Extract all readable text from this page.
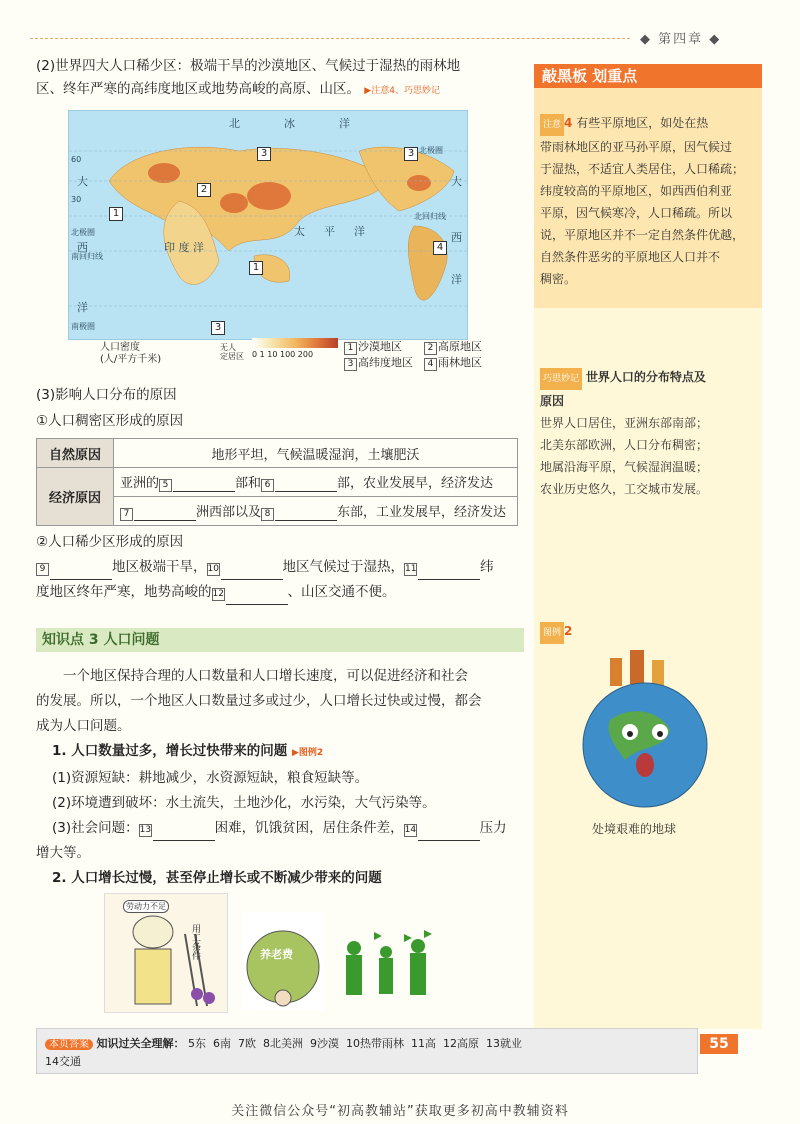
◆ 第四章 ◆
(2)世界四大人口稀少区：极端干旱的沙漠地区、气候过于湿热的雨林地
区、终年严寒的高纬度地区或地势高峻的高原、山区。 ▶注意4、巧思妙记
北	冰	洋
大
西
洋
印 度 洋
太 平 洋
大
西
洋
60
30
北极圈
南回归线
南极圈
北极圈
北回归线
1
2
3	3
1
4
3
人口密度
(人/平方千米)
无人
定居区 0 1 10 100 200
1 沙漠地区	2 高原地区
3 高纬度地区	4 雨林地区
(3)影响人口分布的原因
①人口稠密区形成的原因
自然原因	地形平坦，气候温暖湿润，土壤肥沃
经济原因	亚洲的 5 部和 6 部，农业发展早，经济发达
	7 洲西部以及 8 东部，工业发展早，经济发达
②人口稀少区形成的原因
9	地区极端干旱，10	地区气候过于湿热，11	纬
度地区终年严寒，地势高峻的12	、山区交通不便。
知识点 3 人口问题
一个地区保持合理的人口数量和人口增长速度，可以促进经济和社会
的发展。所以，一个地区人口数量过多或过少，人口增长过快或过慢，都会
成为人口问题。
1. 人口数量过多，增长过快带来的问题 ▶图例2
(1)资源短缺：耕地减少，水资源短缺，粮食短缺等。
(2)环境遭到破坏：水土流失，土地沙化，水污染，大气污染等。
(3)社会问题：13	困难，饥饿贫困，居住条件差，14	压力
增大等。
2. 人口增长过慢，甚至停止增长或不断减少带来的问题
劳动力不足
用工条件	养老费
敲黑板 划重点
注意 4 有些平原地区，如处在热
带雨林地区的亚马孙平原，因气候过
于湿热，不适宜人类居住，人口稀疏；
纬度较高的平原地区，如西西伯利亚
平原，因气候寒冷，人口稀疏。所以
说，平原地区并不一定自然条件优越，
自然条件恶劣的平原地区人口并不
稠密。
巧思妙记 世界人口的分布特点及
原因
世界人口居住，亚洲东部南部；
北美东部欧洲，人口分布稠密；
地属沿海平原，气候湿润温暖；
农业历史悠久，工交城市发展。
图例 2
处境艰难的地球
本页答案 知识过关全理解： 5东 6南 7欧 8北美洲 9沙漠 10热带雨林 11高 12高原 13就业
14交通
55
关注微信公众号“初高教辅站”获取更多初高中教辅资料
